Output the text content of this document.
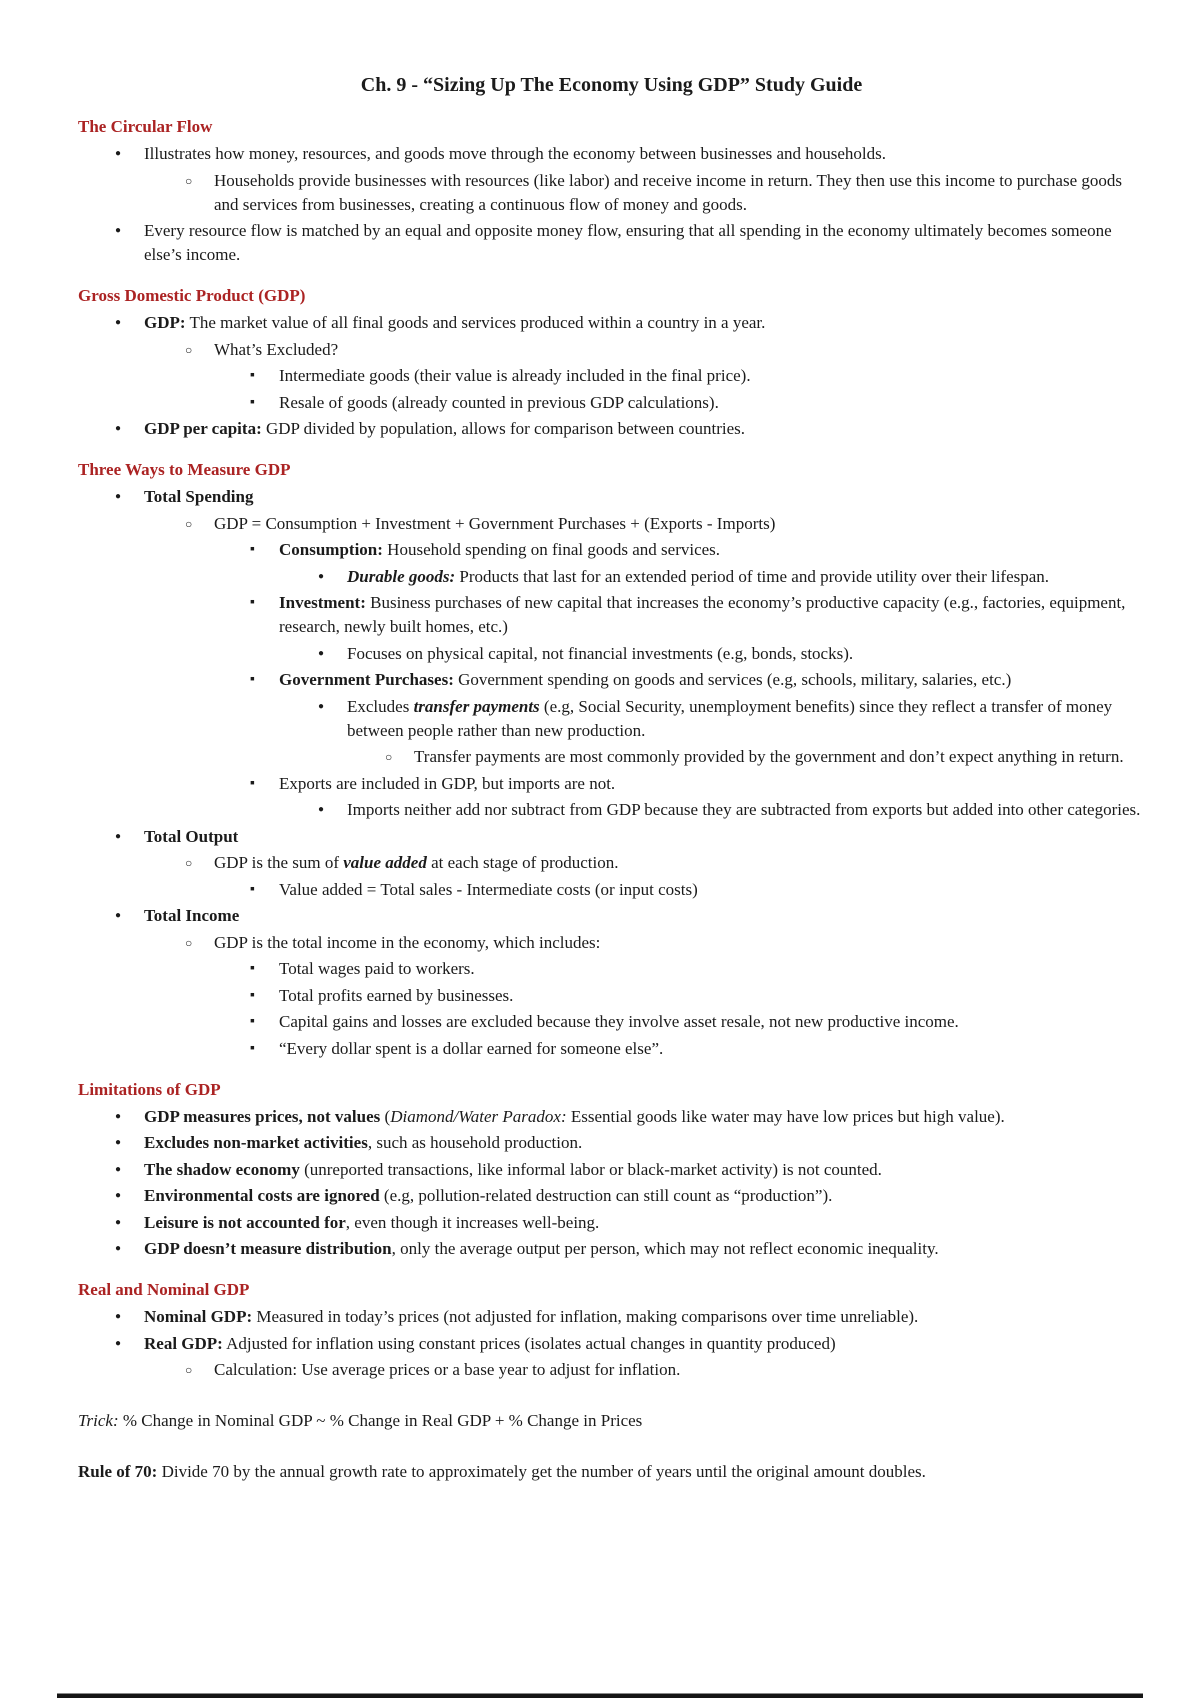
Ch. 9 - “Sizing Up The Economy Using GDP” Study Guide
The Circular Flow
●	Illustrates how money, resources, and goods move through the economy between businesses and households.
○	Households provide businesses with resources (like labor) and receive income in return. They then use this income to purchase goods and services from businesses, creating a continuous flow of money and goods.
●	Every resource flow is matched by an equal and opposite money flow, ensuring that all spending in the economy ultimately becomes someone else’s income.
Gross Domestic Product (GDP)
●	GDP: The market value of all final goods and services produced within a country in a year.
○	What’s Excluded?
▪	Intermediate goods (their value is already included in the final price).
▪	Resale of goods (already counted in previous GDP calculations).
●	GDP per capita: GDP divided by population, allows for comparison between countries.
Three Ways to Measure GDP
●	Total Spending
○	GDP = Consumption + Investment + Government Purchases + (Exports - Imports)
▪	Consumption: Household spending on final goods and services.
●	Durable goods: Products that last for an extended period of time and provide utility over their lifespan.
▪	Investment: Business purchases of new capital that increases the economy’s productive capacity (e.g., factories, equipment, research, newly built homes, etc.)
●	Focuses on physical capital, not financial investments (e.g, bonds, stocks).
▪	Government Purchases: Government spending on goods and services (e.g, schools, military, salaries, etc.)
●	Excludes transfer payments (e.g, Social Security, unemployment benefits) since they reflect a transfer of money between people rather than new production.
○	Transfer payments are most commonly provided by the government and don’t expect anything in return.
▪	Exports are included in GDP, but imports are not.
●	Imports neither add nor subtract from GDP because they are subtracted from exports but added into other categories.
●	Total Output
○	GDP is the sum of value added at each stage of production.
▪	Value added = Total sales - Intermediate costs (or input costs)
●	Total Income
○	GDP is the total income in the economy, which includes:
▪	Total wages paid to workers.
▪	Total profits earned by businesses.
▪	Capital gains and losses are excluded because they involve asset resale, not new productive income.
▪	“Every dollar spent is a dollar earned for someone else”.
Limitations of GDP
●	GDP measures prices, not values (Diamond/Water Paradox: Essential goods like water may have low prices but high value).
●	Excludes non-market activities, such as household production.
●	The shadow economy (unreported transactions, like informal labor or black-market activity) is not counted.
●	Environmental costs are ignored (e.g, pollution-related destruction can still count as “production”).
●	Leisure is not accounted for, even though it increases well-being.
●	GDP doesn’t measure distribution, only the average output per person, which may not reflect economic inequality.
Real and Nominal GDP
●	Nominal GDP: Measured in today’s prices (not adjusted for inflation, making comparisons over time unreliable).
●	Real GDP: Adjusted for inflation using constant prices (isolates actual changes in quantity produced)
○	Calculation: Use average prices or a base year to adjust for inflation.
Trick: % Change in Nominal GDP ~ % Change in Real GDP + % Change in Prices
Rule of 70: Divide 70 by the annual growth rate to approximately get the number of years until the original amount doubles.
